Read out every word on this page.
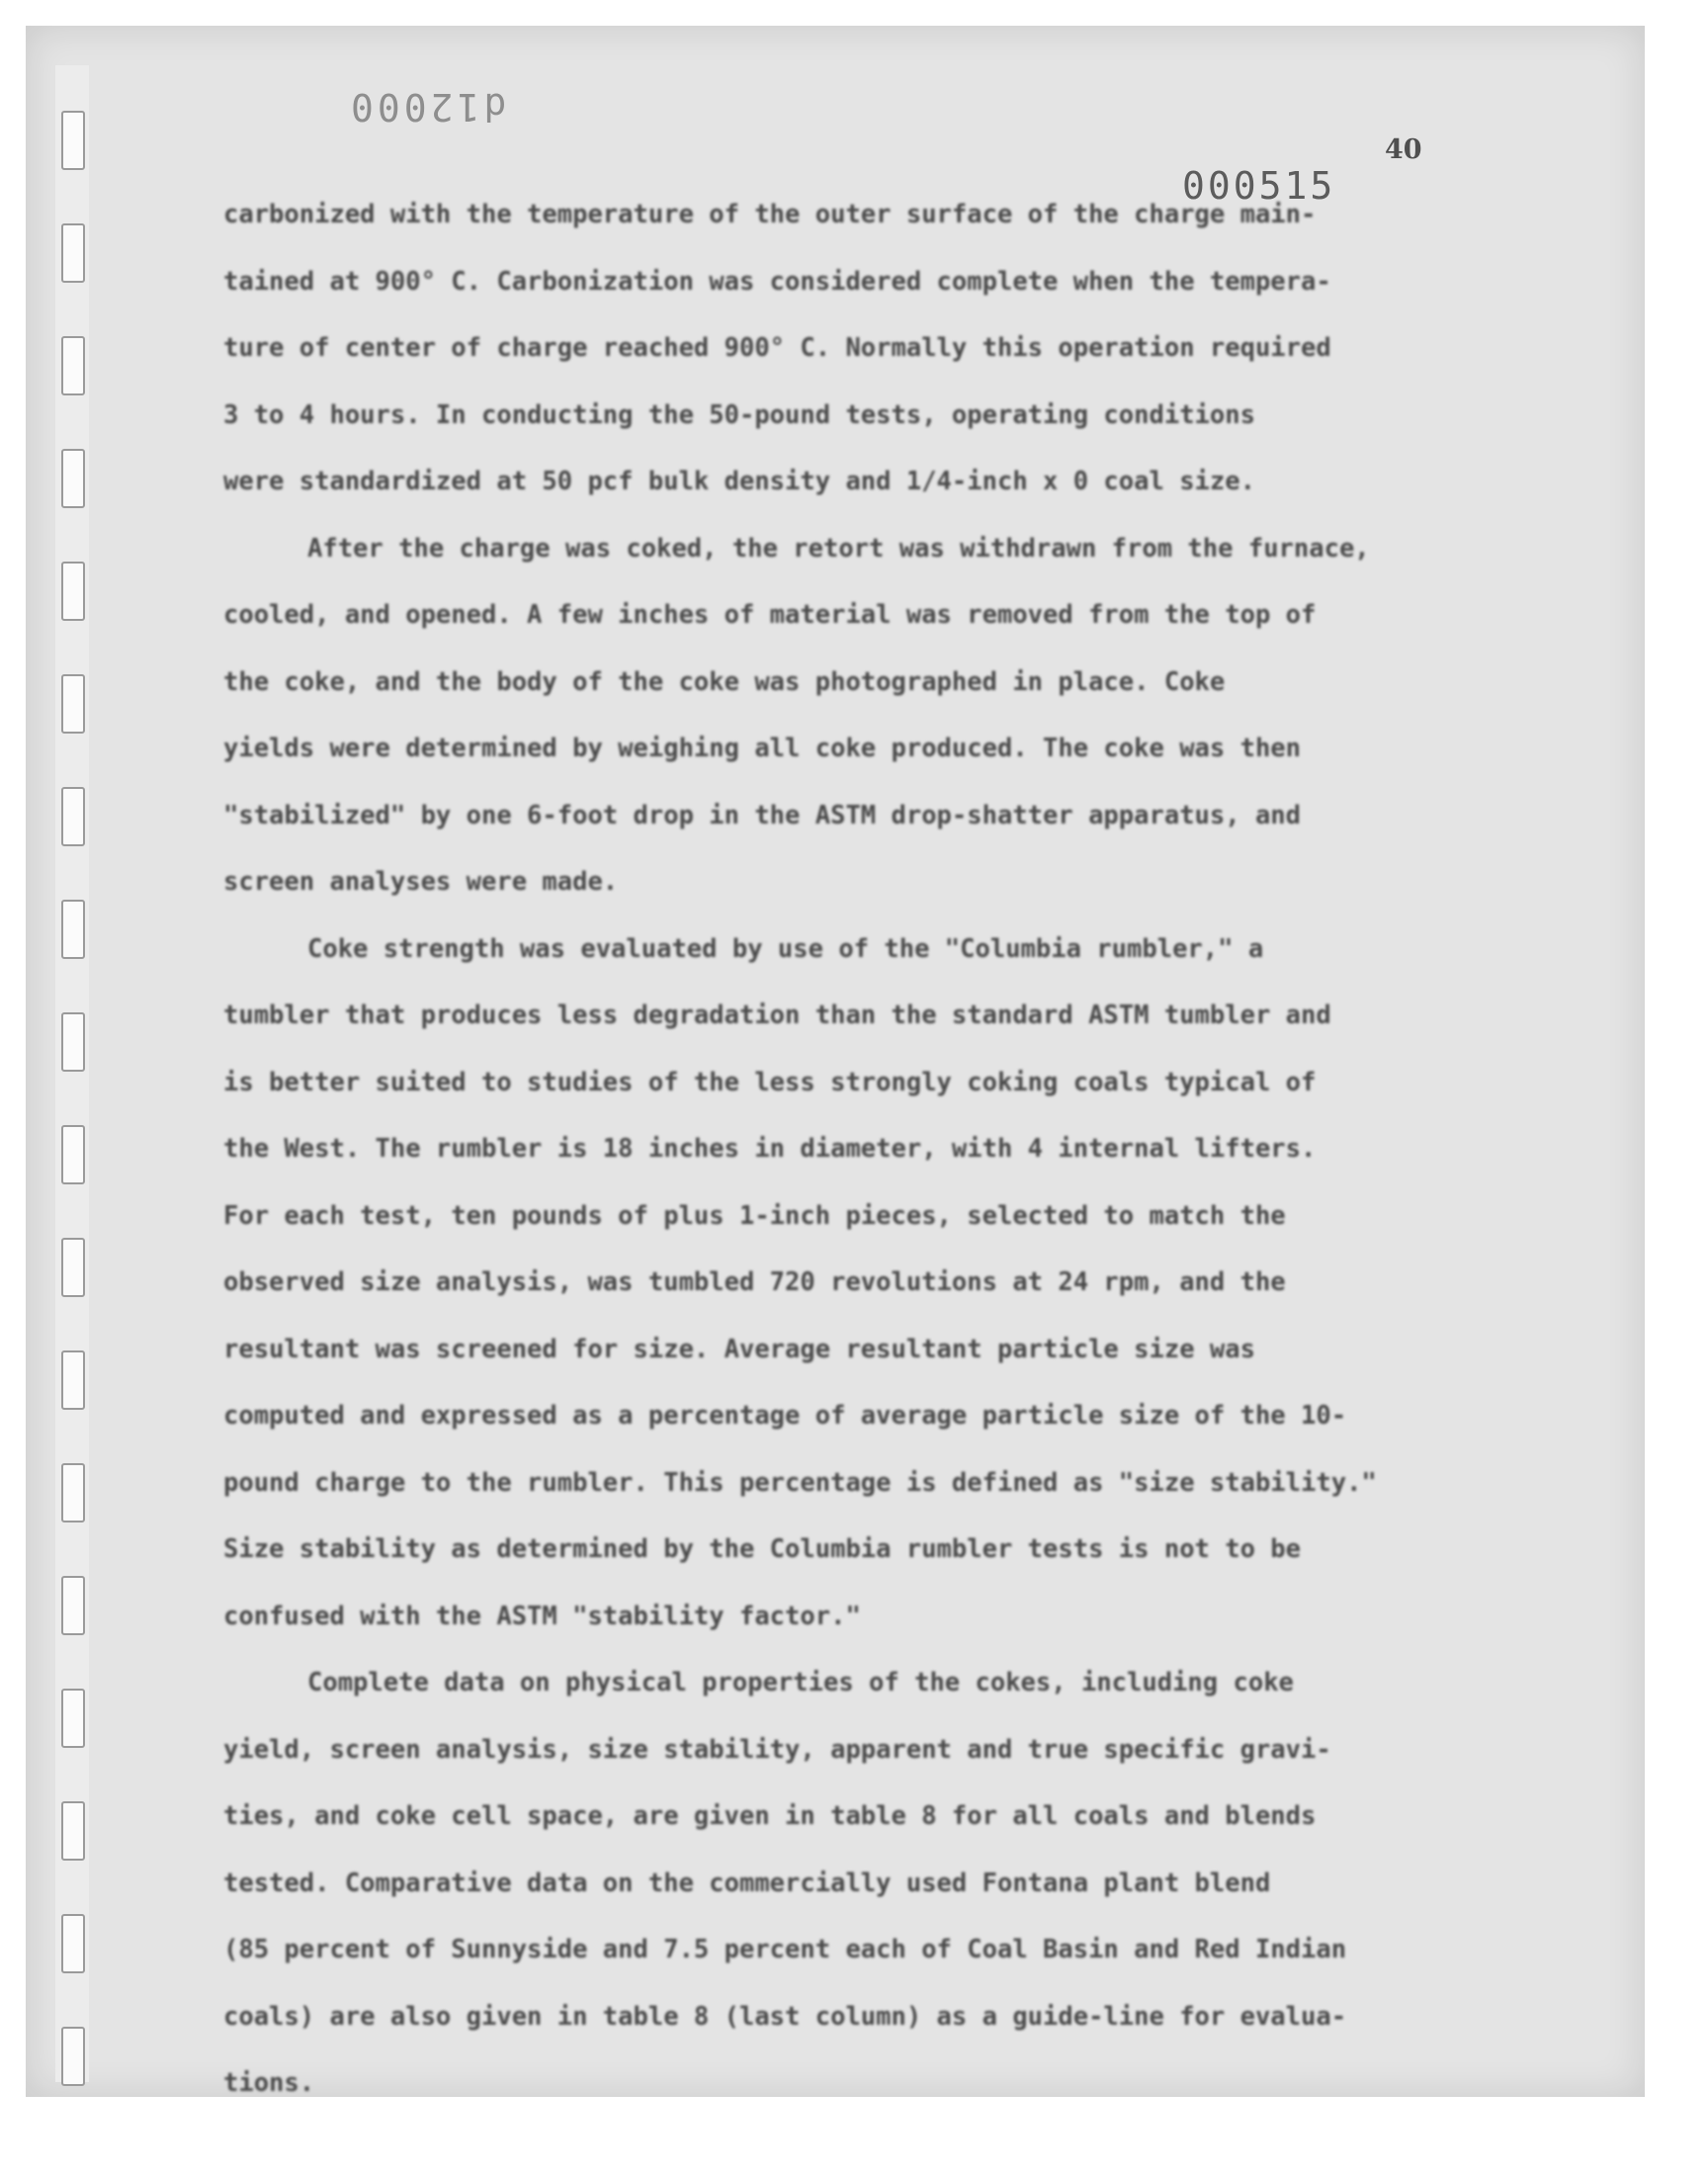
d12000
40
000515

carbonized with the temperature of the outer surface of the charge main-
tained at 900° C. Carbonization was considered complete when the tempera-
ture of center of charge reached 900° C. Normally this operation required
3 to 4 hours. In conducting the 50-pound tests, operating conditions
were standardized at 50 pcf bulk density and 1/4-inch x 0 coal size.

After the charge was coked, the retort was withdrawn from the furnace,
cooled, and opened. A few inches of material was removed from the top of
the coke, and the body of the coke was photographed in place. Coke
yields were determined by weighing all coke produced. The coke was then
"stabilized" by one 6-foot drop in the ASTM drop-shatter apparatus, and
screen analyses were made.

Coke strength was evaluated by use of the "Columbia rumbler," a
tumbler that produces less degradation than the standard ASTM tumbler and
is better suited to studies of the less strongly coking coals typical of
the West. The rumbler is 18 inches in diameter, with 4 internal lifters.
For each test, ten pounds of plus 1-inch pieces, selected to match the
observed size analysis, was tumbled 720 revolutions at 24 rpm, and the
resultant was screened for size. Average resultant particle size was
computed and expressed as a percentage of average particle size of the 10-
pound charge to the rumbler. This percentage is defined as "size stability."
Size stability as determined by the Columbia rumbler tests is not to be
confused with the ASTM "stability factor."

Complete data on physical properties of the cokes, including coke
yield, screen analysis, size stability, apparent and true specific gravi-
ties, and coke cell space, are given in table 8 for all coals and blends
tested. Comparative data on the commercially used Fontana plant blend
(85 percent of Sunnyside and 7.5 percent each of Coal Basin and Red Indian
coals) are also given in table 8 (last column) as a guide-line for evalua-
tions.
